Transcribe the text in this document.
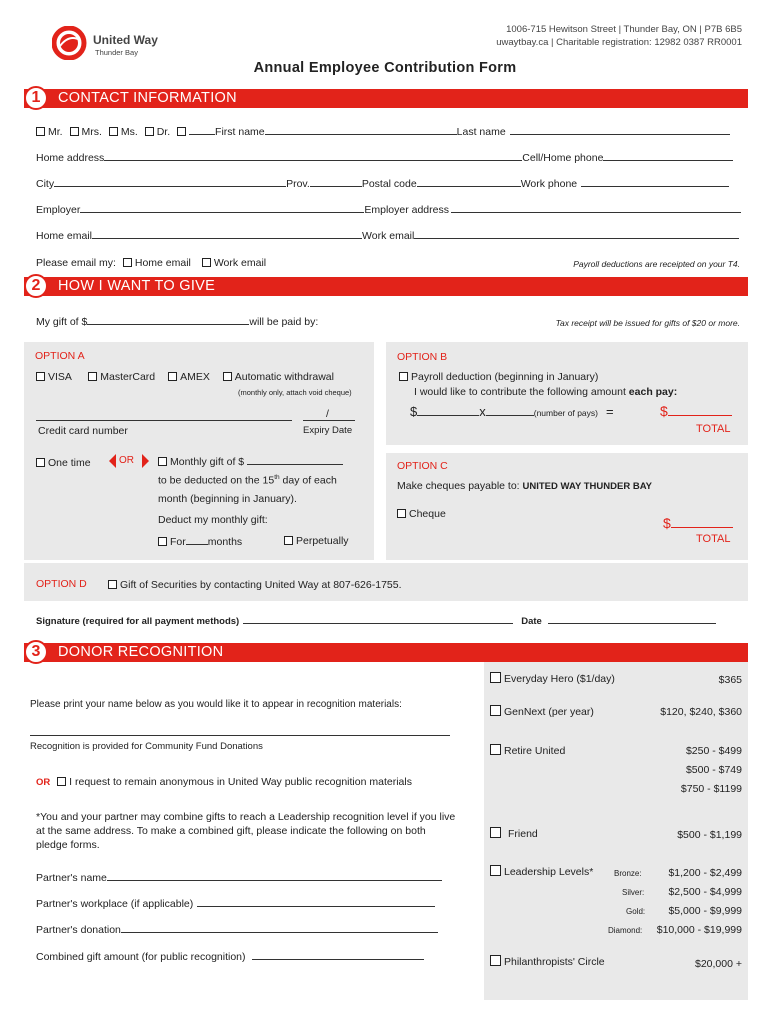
United Way
Thunder Bay
1006-715 Hewitson Street | Thunder Bay, ON | P7B 6B5
uwaytbay.ca | Charitable registration: 12982 0387 RR0001
Annual Employee Contribution Form
1	CONTACT INFORMATION
Mr. Mrs. Ms. Dr.	First name	Last name
Home address	Cell/Home phone
City	Prov.	Postal code	Work phone
Employer	Employer address
Home email	Work email
Please email my: Home email Work email	Payroll deductions are receipted on your T4.
2	HOW I WANT TO GIVE
My gift of $	will be paid by:	Tax receipt will be issued for gifts of $20 or more.
OPTION A
VISA	MasterCard AMEX Automatic withdrawal
(monthly only, attach void cheque)
/
Credit card number	Expiry Date
One time	OR	Monthly gift of $
to be deducted on the 15th day of each
month (beginning in January).
Deduct my monthly gift:
For months	Perpetually
OPTION B
Payroll deduction (beginning in January)
I would like to contribute the following amount each pay:
$	x	(number of pays) =	$
TOTAL
OPTION C
Make cheques payable to: UNITED WAY THUNDER BAY
Cheque
$
TOTAL
OPTION D	Gift of Securities by contacting United Way at 807-626-1755.
Signature (required for all payment methods)	Date
3	DONOR RECOGNITION
Please print your name below as you would like it to appear in recognition materials:
Recognition is provided for Community Fund Donations
OR I request to remain anonymous in United Way public recognition materials
*You and your partner may combine gifts to reach a Leadership recognition level if you live at the same address. To make a combined gift, please indicate the following on both pledge forms.
Partner's name
Partner's workplace (if applicable)
Partner's donation
Combined gift amount (for public recognition)
Everyday Hero ($1/day)	$365
GenNext (per year)	$120, $240, $360
Retire United	$250 - $499
$500 - $749
$750 - $1199
Friend	$500 - $1,199
Leadership Levels*	Bronze:	$1,200 - $2,499
Silver: $2,500 - $4,999
Gold: $5,000 - $9,999
Diamond: $10,000 - $19,999
Philanthropists' Circle	$20,000 +
